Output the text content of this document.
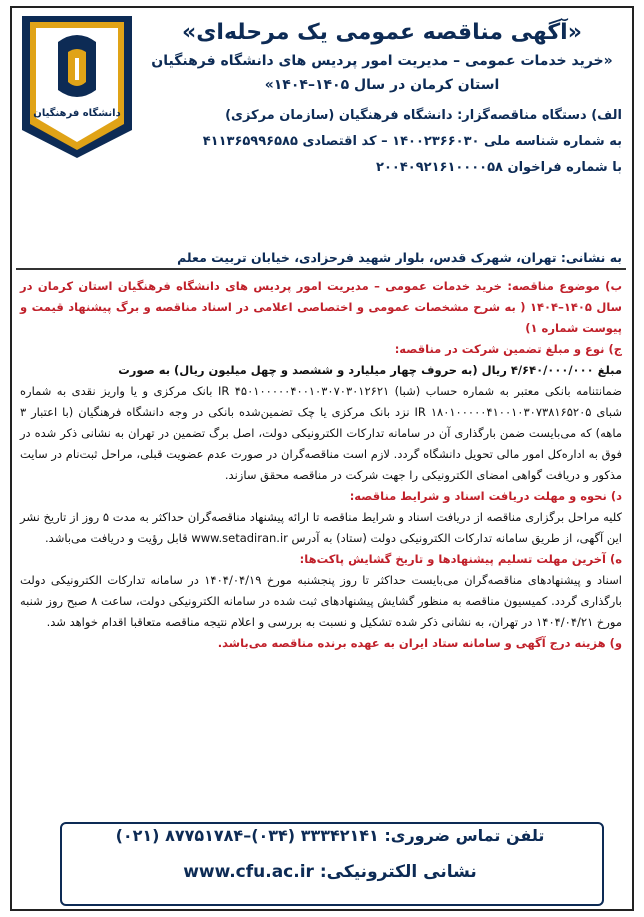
دانشگاه فرهنگیان
«آگهی مناقصه عمومی یک مرحله‌ای»
«خرید خدمات عمومی – مدیریت امور پردیس های دانشگاه فرهنگیان استان کرمان در سال ۱۴۰۵–۱۴۰۴»
الف) دستگاه مناقصه‌گزار: دانشگاه فرهنگیان (سازمان مرکزی)
به شماره شناسه ملی ۱۴۰۰۲۳۶۶۰۳۰ – کد اقتصادی ۴۱۱۳۶۵۹۹۶۵۸۵
با شماره فراخوان ۲۰۰۴۰۹۲۱۶۱۰۰۰۰۵۸
به نشانی: تهران، شهرک قدس، بلوار شهید فرحزادی، خیابان تربیت معلم
ب) موضوع مناقصه: خرید خدمات عمومی – مدیریت امور پردیس های دانشگاه فرهنگیان استان کرمان در سال ۱۴۰۵–۱۴۰۴ ( به شرح مشخصات عمومی و اختصاصی اعلامی در اسناد مناقصه و برگ پیشنهاد قیمت و پیوست شماره ۱)
ج) نوع و مبلغ تضمین شرکت در مناقصه:
مبلغ ۴/۶۴۰/۰۰۰/۰۰۰ ریال (به حروف چهار میلیارد و ششصد و چهل میلیون ریال) به صورت
ضمانتنامه بانکی معتبر به شماره حساب (شبا) IR ۴۵۰۱۰۰۰۰۰۴۰۰۱۰۳۰۷۰۳۰۱۲۶۲۱ بانک مرکزی و یا واریز نقدی به شماره شبای IR ۱۸۰۱۰۰۰۰۰۴۱۰۰۱۰۳۰۷۳۸۱۶۵۲۰۵ نزد بانک مرکزی یا چک تضمین‌شده بانکی در وجه دانشگاه فرهنگیان (با اعتبار ۳ ماهه) که می‌بایست ضمن بارگذاری آن در سامانه تدارکات الکترونیکی دولت، اصل برگ تضمین در تهران به نشانی ذکر شده در فوق به اداره‌کل امور مالی تحویل دانشگاه گردد. لازم است مناقصه‌گران در صورت عدم عضویت قبلی، مراحل ثبت‌نام در سایت مذکور و دریافت گواهی امضای الکترونیکی را جهت شرکت در مناقصه محقق سازند.
د) نحوه و مهلت دریافت اسناد و شرایط مناقصه:
کلیه مراحل برگزاری مناقصه از دریافت اسناد و شرایط مناقصه تا ارائه پیشنهاد مناقصه‌گران حداکثر به مدت ۵ روز از تاریخ نشر این آگهی، از طریق سامانه تدارکات الکترونیکی دولت (ستاد) به آدرس www.setadiran.ir قابل رؤیت و دریافت می‌باشد.
ه) آخرین مهلت تسلیم پیشنهادها و تاریخ گشایش پاکت‌ها:
اسناد و پیشنهادهای مناقصه‌گران می‌بایست حداکثر تا روز پنجشنبه مورخ ۱۴۰۴/۰۴/۱۹ در سامانه تدارکات الکترونیکی دولت بارگذاری گردد. کمیسیون مناقصه به منظور گشایش پیشنهادهای ثبت شده در سامانه الکترونیکی دولت، ساعت ۸ صبح روز شنبه مورخ ۱۴۰۴/۰۴/۲۱ در تهران، به نشانی ذکر شده تشکیل و نسبت به بررسی و اعلام نتیجه مناقصه متعاقبا اقدام خواهد شد.
و) هزینه درج آگهی و سامانه ستاد ایران به عهده برنده مناقصه می‌باشد.
تلفن تماس ضروری: ۳۳۳۴۲۱۴۱ (۰۳۴)–۸۷۷۵۱۷۸۴ (۰۲۱)
نشانی الکترونیکی: www.cfu.ac.ir
